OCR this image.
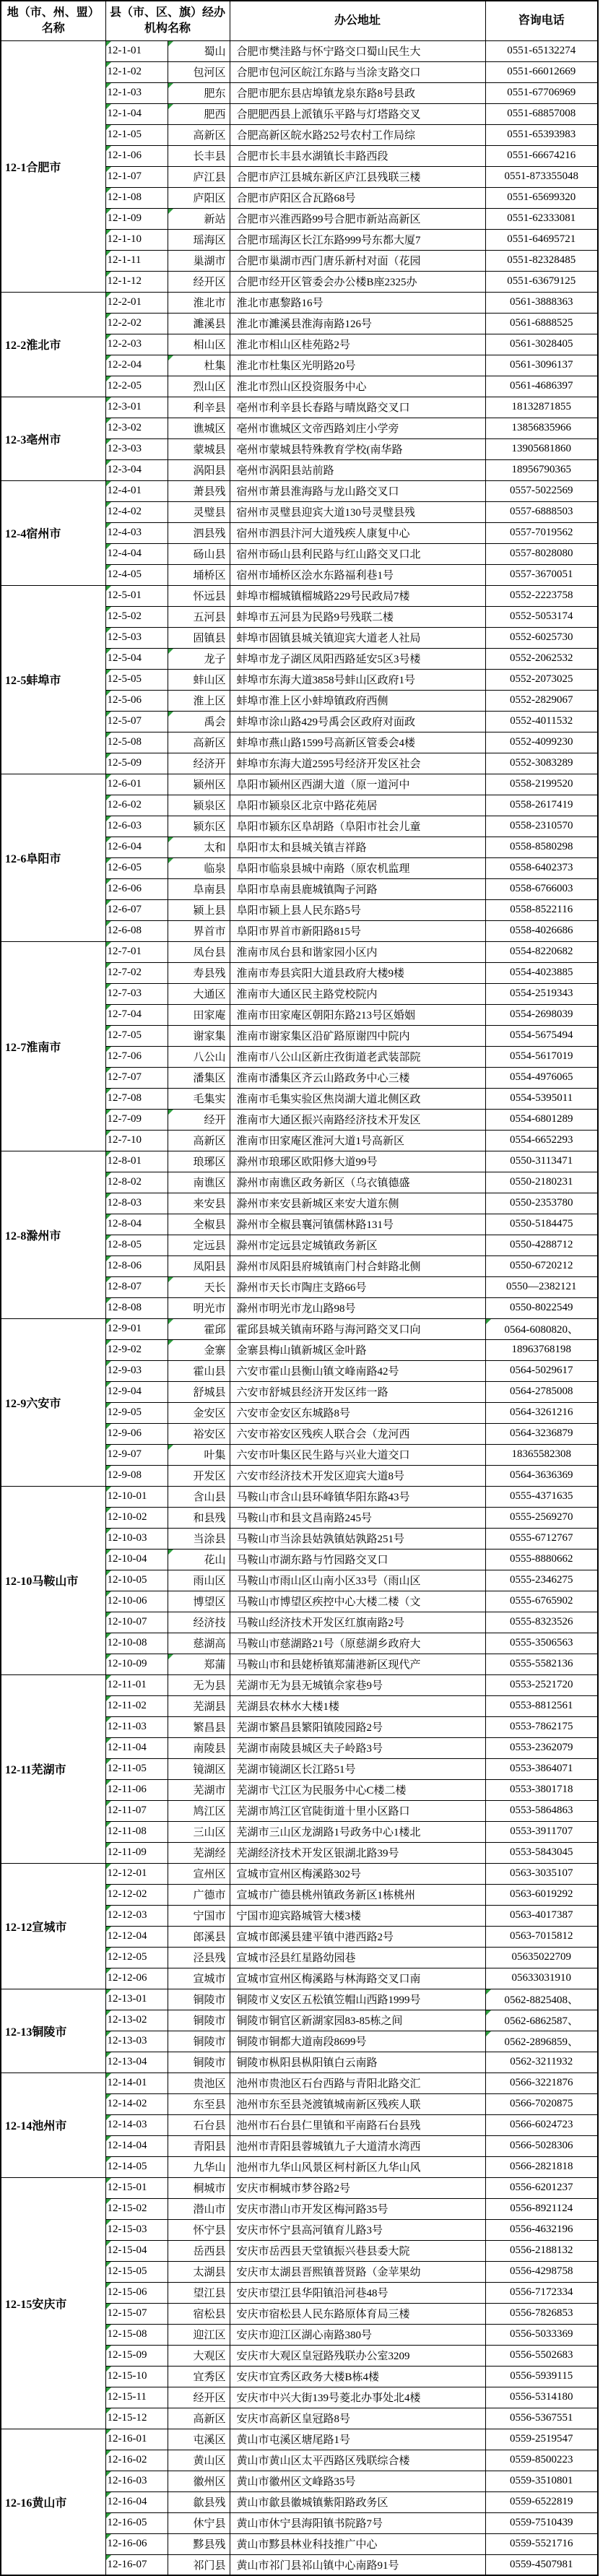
地（市、州、盟）名称	县（市、区、旗）经办机构名称		办公地址	咨询电话
12-1合肥市	12-1-01	蜀山	合肥市樊洼路与怀宁路交口蜀山民生大	0551-65132274
	12-1-02	包河区	合肥市包河区皖江东路与当涂支路交口	0551-66012669
	12-1-03	肥东	合肥市肥东县店埠镇龙泉东路8号县政	0551-67706969
	12-1-04	肥西	合肥肥西县上派镇乐平路与灯塔路交叉	0551-68857008
	12-1-05	高新区	合肥高新区皖水路252号农村工作局综	0551-65393983
	12-1-06	长丰县	合肥市长丰县水湖镇长丰路西段	0551-66674216
	12-1-07	庐江县	合肥市庐江县城东新区庐江县残联三楼	0551-873355048
	12-1-08	庐阳区	合肥市庐阳区合瓦路68号	0551-65699320
	12-1-09	新站	合肥市兴淮西路99号合肥市新站高新区	0551-62333081
	12-1-10	瑶海区	合肥市瑶海区长江东路999号东都大厦7	0551-64695721
	12-1-11	巢湖市	合肥市巢湖市西门唐乐新村对面（花园	0551-82328485
	12-1-12	经开区	合肥市经开区管委会办公楼B座2325办	0551-63679125
12-2淮北市	12-2-01	淮北市	淮北市惠黎路16号	0561-3888363
	12-2-02	濉溪县	淮北市濉溪县淮海南路126号	0561-6888525
	12-2-03	相山区	淮北市相山区桂苑路2号	0561-3028405
	12-2-04	杜集	淮北市杜集区光明路20号	0561-3096137
	12-2-05	烈山区	淮北市烈山区投资服务中心	0561-4686397
12-3亳州市	12-3-01	利辛县	亳州市利辛县长春路与晴岚路交叉口	18132871855
	12-3-02	谯城区	亳州市谯城区文帝西路刘庄小学旁	13856835966
	12-3-03	蒙城县	亳州市蒙城县特殊教育学校(南华路	13905681860
	12-3-04	涡阳县	亳州市涡阳县站前路	18956790365
12-4宿州市	12-4-01	萧县残	宿州市萧县淮海路与龙山路交叉口	0557-5022569
	12-4-02	灵璧县	宿州市灵璧县迎宾大道130号灵璧县残	0557-6888503
	12-4-03	泗县残	宿州市泗县汴河大道残疾人康复中心	0557-7019562
	12-4-04	砀山县	宿州市砀山县利民路与红山路交叉口北	0557-8028080
	12-4-05	埇桥区	宿州市埇桥区浍水东路福利巷1号	0557-3670051
12-5蚌埠市	12-5-01	怀远县	蚌埠市榴城镇榴城路229号民政局7楼	0552-2223758
	12-5-02	五河县	蚌埠市五河县为民路9号残联二楼	0552-5053174
	12-5-03	固镇县	蚌埠市固镇县城关镇迎宾大道老人社局	0552-6025730
	12-5-04	龙子	蚌埠市龙子湖区凤阳西路延安5区3号楼	0552-2062532
	12-5-05	蚌山区	蚌埠市东海大道3858号蚌山区政府1号	0552-2073025
	12-5-06	淮上区	蚌埠市淮上区小蚌埠镇政府西侧	0552-2829067
	12-5-07	禹会	蚌埠市涂山路429号禹会区政府对面政	0552-4011532
	12-5-08	高新区	蚌埠市燕山路1599号高新区管委会4楼	0552-4099230
	12-5-09	经济开	蚌埠市东海大道2595号经济开发区社会	0552-3083289
12-6阜阳市	12-6-01	颍州区	阜阳市颍州区西湖大道（原一道河中	0558-2199520
	12-6-02	颍泉区	阜阳市颍泉区北京中路花苑居	0558-2617419
	12-6-03	颍东区	阜阳市颍东区阜胡路（阜阳市社会儿童	0558-2310570
	12-6-04	太和	阜阳市太和县城关镇吉祥路	0558-8580298
	12-6-05	临泉	阜阳市临泉县城中南路（原农机监理	0558-6402373
	12-6-06	阜南县	阜阳市阜南县鹿城镇陶子河路	0558-6766003
	12-6-07	颍上县	阜阳市颍上县人民东路5号	0558-8522116
	12-6-08	界首市	阜阳市界首市新阳路815号	0558-4026686
12-7淮南市	12-7-01	凤台县	淮南市凤台县和谐家园小区内	0554-8220682
	12-7-02	寿县残	淮南市寿县宾阳大道县政府大楼9楼	0554-4023885
	12-7-03	大通区	淮南市大通区民主路党校院内	0554-2519343
	12-7-04	田家庵	淮南市田家庵区朝阳东路213号区婚姻	0554-2698039
	12-7-05	谢家集	淮南市谢家集区沿矿路原谢四中院内	0554-5675494
	12-7-06	八公山	淮南市八公山区新庄孜街道老武装部院	0554-5617019
	12-7-07	潘集区	淮南市潘集区齐云山路政务中心三楼	0554-4976065
	12-7-08	毛集实	淮南市毛集实验区焦岗湖大道北侧区政	0554-5395011
	12-7-09	经开	淮南市大通区振兴南路经济技术开发区	0554-6801289
	12-7-10	高新区	淮南市田家庵区淮河大道1号高新区	0554-6652293
12-8滁州市	12-8-01	琅琊区	滁州市琅琊区欧阳修大道99号	0550-3113471
	12-8-02	南谯区	滁州市南谯区政务新区（乌衣镇德盛	0550-2180231
	12-8-03	来安县	滁州市来安县新城区来安大道东侧	0550-2353780
	12-8-04	全椒县	滁州市全椒县襄河镇儒林路131号	0550-5184475
	12-8-05	定远县	滁州市定远县定城镇政务新区	0550-4288712
	12-8-06	凤阳县	滁州市凤阳县府城镇南门村合蚌路北侧	0550-6720212
	12-8-07	天长	滁州市天长市陶庄支路66号	0550—2382121
	12-8-08	明光市	滁州市明光市龙山路98号	0550-8022549
12-9六安市	12-9-01	霍邱	霍邱县城关镇南环路与海河路交叉口向	0564-6080820、
	12-9-02	金寨	金寨县梅山镇新城区金叶路	18963768198
	12-9-03	霍山县	六安市霍山县衡山镇文峰南路42号	0564-5029617
	12-9-04	舒城县	六安市舒城县经济开发区纬一路	0564-2785008
	12-9-05	金安区	六安市金安区东城路8号	0564-3261216
	12-9-06	裕安区	六安市裕安区残疾人联合会（龙河西	0564-3236879
	12-9-07	叶集	六安市叶集区民生路与兴业大道交口	18365582308
	12-9-08	开发区	六安市经济技术开发区迎宾大道8号	0564-3636369
12-10马鞍山市	12-10-01	含山县	马鞍山市含山县环峰镇华阳东路43号	0555-4371635
	12-10-02	和县残	马鞍山市和县文昌南路245号	0555-2569270
	12-10-03	当涂县	马鞍山市当涂县姑孰镇姑孰路251号	0555-6712767
	12-10-04	花山	马鞍山市湖东路与竹园路交叉口	0555-8880662
	12-10-05	雨山区	马鞍山市雨山区山南小区33号（雨山区	0555-2346275
	12-10-06	博望区	马鞍山市博望区疾控中心大楼二楼（文	0555-6765902
	12-10-07	经济技	马鞍山经济技术开发区红旗南路2号	0555-8323526
	12-10-08	慈湖高	马鞍山市慈湖路21号（原慈湖乡政府大	0555-3506563
	12-10-09	郑蒲	马鞍山市和县姥桥镇郑蒲港新区现代产	0555-5582136
12-11芜湖市	12-11-01	无为县	芜湖市无为县无城镇佘家巷9号	0553-2521720
	12-11-02	芜湖县	芜湖县农林水大楼1楼	0553-8812561
	12-11-03	繁昌县	芜湖市繁昌县繁阳镇陵园路2号	0553-7862175
	12-11-04	南陵县	芜湖市南陵县城区夫子岭路3号	0553-2362079
	12-11-05	镜湖区	芜湖市镜湖区长江路51号	0553-3864071
	12-11-06	芜湖市	芜湖市弋江区为民服务中心C楼二楼	0553-3801718
	12-11-07	鸠江区	芜湖市鸠江区官陡街道十里小区路口	0553-5864863
	12-11-08	三山区	芜湖市三山区龙湖路1号政务中心1楼北	0553-3911707
	12-11-09	芜湖经	芜湖经济技术开发区银湖北路39号	0553-5843045
12-12宣城市	12-12-01	宣州区	宣城市宣州区梅溪路302号	0563-3035107
	12-12-02	广德市	宣城市广德县桃州镇政务新区1栋桃州	0563-6019292
	12-12-03	宁国市	宁国市迎宾路城管大楼3楼	0563-4017387
	12-12-04	郎溪县	宣城市郎溪县建平镇中港西路2号	0563-7015812
	12-12-05	泾县残	宣城市泾县红星路幼园巷	05635022709
	12-12-06	宣城市	宣城市宣州区梅溪路与林海路交叉口南	05633031910
12-13铜陵市	12-13-01	铜陵市	铜陵市义安区五松镇笠帽山西路1999号	0562-8825408、
	12-13-02	铜陵市	铜陵市铜官区新湖家园83-85栋之间	0562-6862587、
	12-13-03	铜陵市	铜陵市铜都大道南段8699号	0562-2896859、
	12-13-04	铜陵市	铜陵市枞阳县枞阳镇白云南路	0562-3211932
12-14池州市	12-14-01	贵池区	池州市贵池区石台西路与青阳北路交汇	0566-3221876
	12-14-02	东至县	池州市东至县尧渡镇城南新区残疾人联	0566-7020875
	12-14-03	石台县	池州市石台县仁里镇和平南路石台县残	0566-6024723
	12-14-04	青阳县	池州市青阳县蓉城镇九子大道清水湾西	0566-5028306
	12-14-05	九华山	池州市九华山风景区柯村新区九华山风	0566-2821818
12-15安庆市	12-15-01	桐城市	安庆市桐城市梦谷路2号	0556-6201237
	12-15-02	潜山市	安庆市潜山市开发区梅河路35号	0556-8921124
	12-15-03	怀宁县	安庆市怀宁县高河镇育儿路3号	0556-4632196
	12-15-04	岳西县	安庆市岳西县天堂镇振兴巷县委大院	0556-2188132
	12-15-05	太湖县	安庆市太湖县晋熙镇普贤路（金苹果幼	0556-4298758
	12-15-06	望江县	安庆市望江县华阳镇沿河巷48号	0556-7172334
	12-15-07	宿松县	安庆市宿松县人民东路原体育局三楼	0556-7826853
	12-15-08	迎江区	安庆市迎江区湖心南路380号	0556-5033369
	12-15-09	大观区	安庆市大观区皇冠路残联办公室3209	0556-5502683
	12-15-10	宜秀区	安庆市宜秀区政务大楼B栋4楼	0556-5939115
	12-15-11	经开区	安庆市中兴大街139号菱北办事处北4楼	0556-5314180
	12-15-12	高新区	安庆市高新区皇冠路8号	0556-5367551
12-16黄山市	12-16-01	屯溪区	黄山市屯溪区塘尾路1号	0559-2519547
	12-16-02	黄山区	黄山市黄山区太平西路区残联综合楼	0559-8500223
	12-16-03	徽州区	黄山市徽州区文峰路35号	0559-3510801
	12-16-04	歙县残	黄山市歙县徽城镇紫阳路政务区	0559-6522819
	12-16-05	休宁县	黄山市休宁县海阳镇书院路7号	0559-7510439
	12-16-06	黟县残	黄山市黟县林业科技推广中心	0559-5521716
	12-16-07	祁门县	黄山市祁门县祁山镇中心南路91号	0559-4507981
